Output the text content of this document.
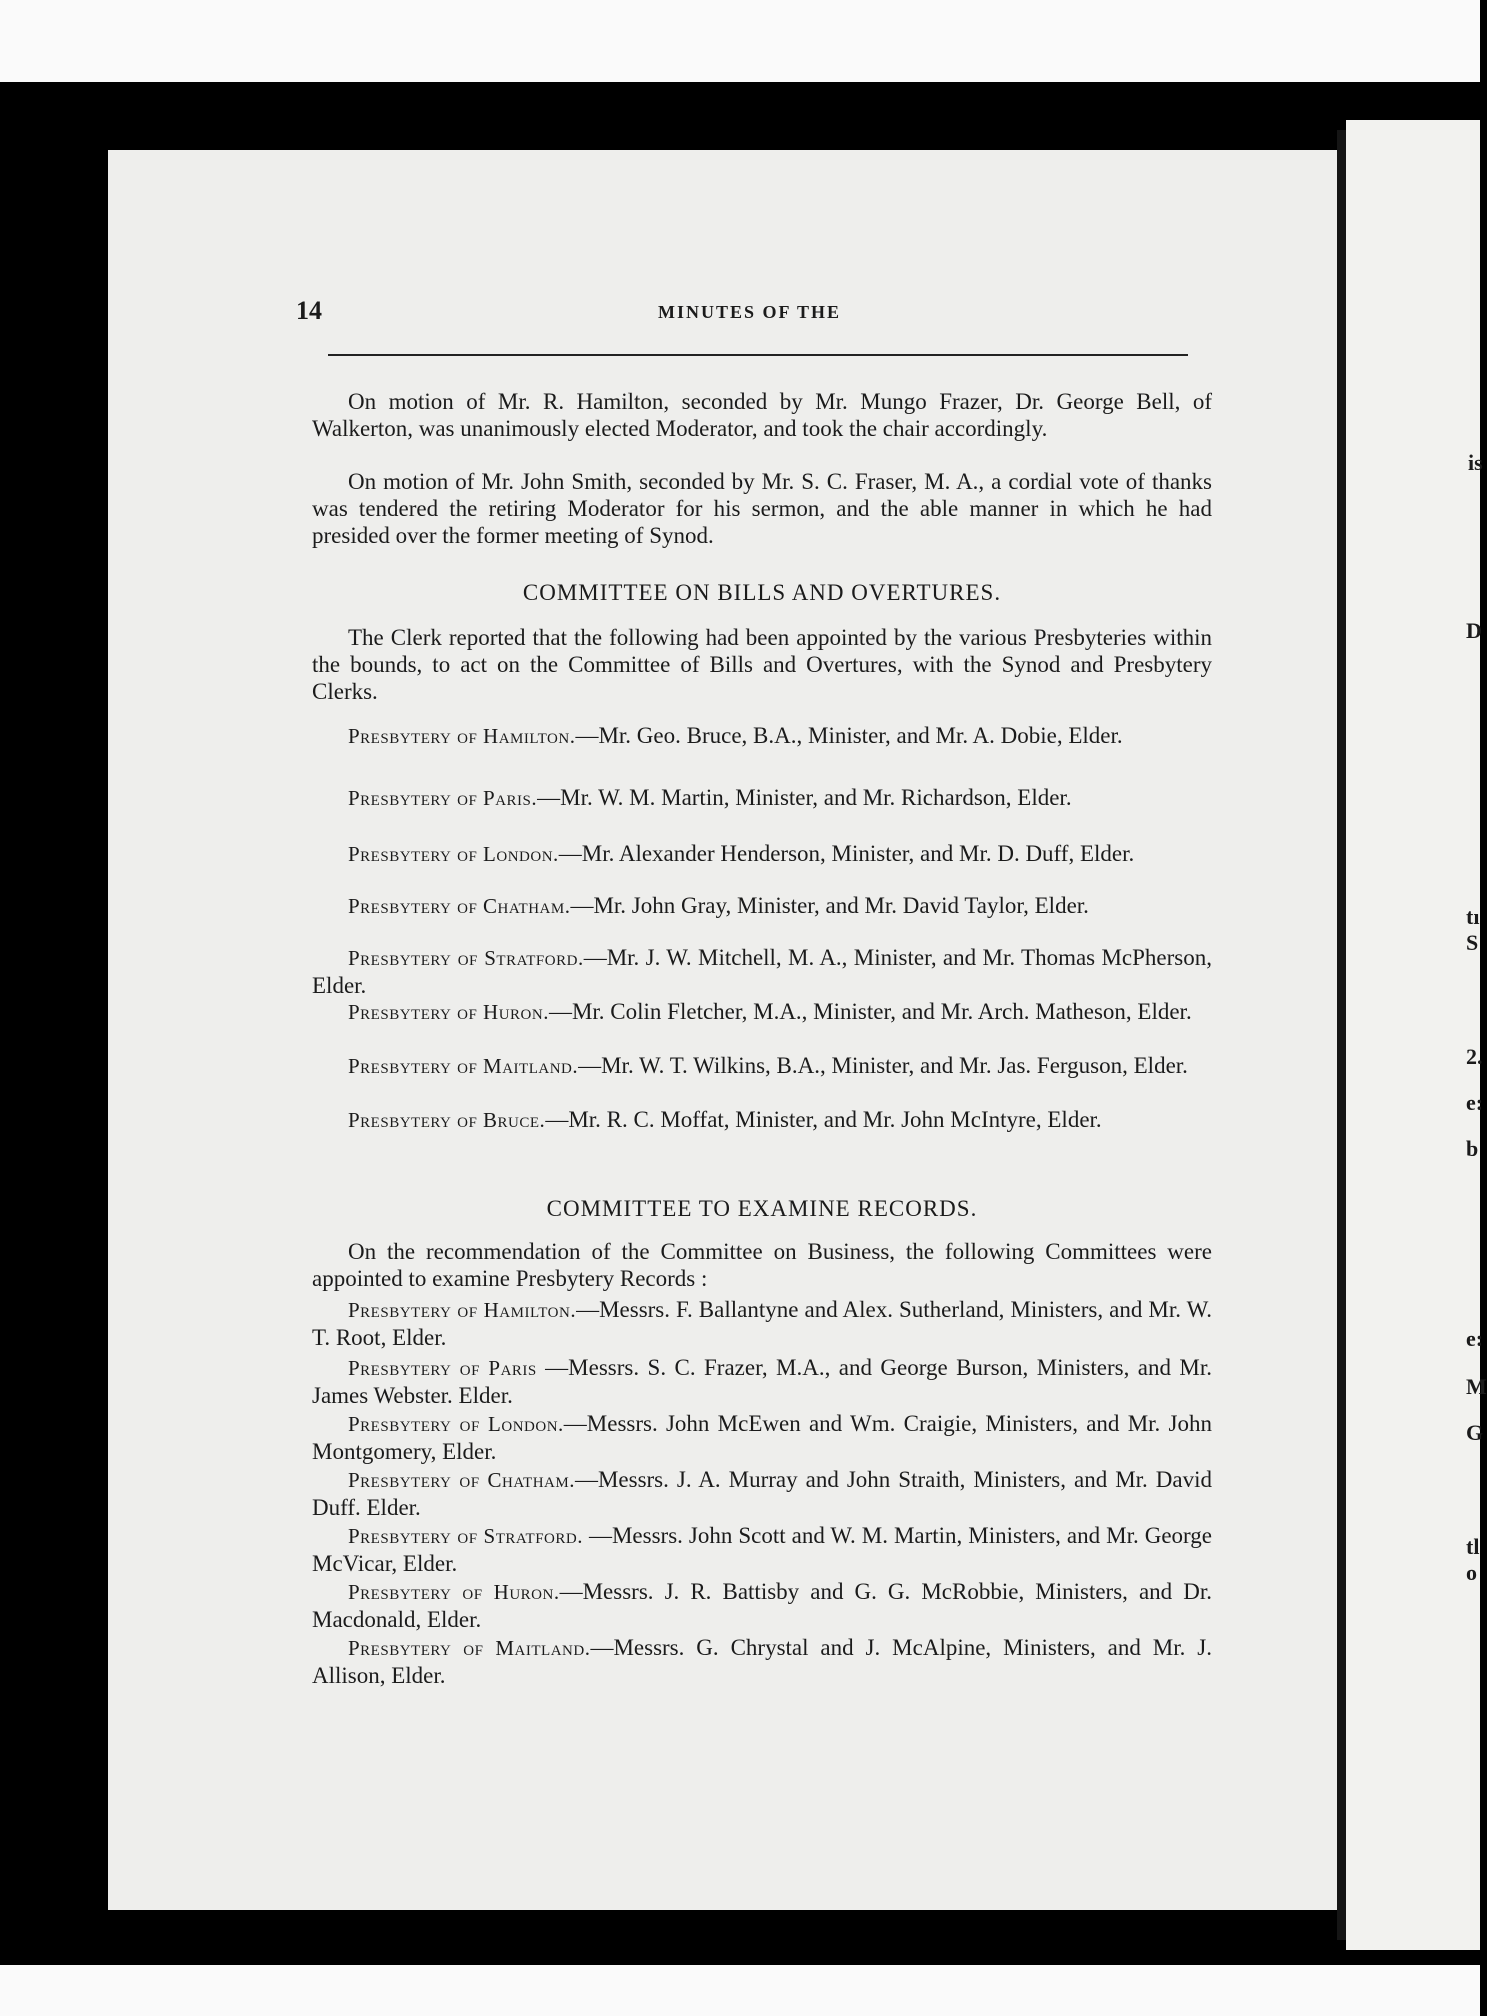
is
D
tı
S
2.
e:
b
e:
M
G
tl
o
14	MINUTES OF THE

On motion of Mr. R. Hamilton, seconded by Mr. Mungo Frazer, Dr. George Bell, of Walkerton, was unanimously elected Moderator, and took the chair accordingly.

On motion of Mr. John Smith, seconded by Mr. S. C. Fraser, M. A., a cordial vote of thanks was tendered the retiring Moderator for his sermon, and the able manner in which he had presided over the former meeting of Synod.

COMMITTEE ON BILLS AND OVERTURES.

The Clerk reported that the following had been appointed by the various Presbyteries within the bounds, to act on the Committee of Bills and Overtures, with the Synod and Presbytery Clerks.

Presbytery of Hamilton.—Mr. Geo. Bruce, B.A., Minister, and Mr. A. Dobie, Elder.

Presbytery of Paris.—Mr. W. M. Martin, Minister, and Mr. Richardson, Elder.

Presbytery of London.—Mr. Alexander Henderson, Minister, and Mr. D. Duff, Elder.

Presbytery of Chatham.—Mr. John Gray, Minister, and Mr. David Taylor, Elder.

Presbytery of Stratford.—Mr. J. W. Mitchell, M. A., Minister, and Mr. Thomas McPherson, Elder.

Presbytery of Huron.—Mr. Colin Fletcher, M.A., Minister, and Mr. Arch. Matheson, Elder.

Presbytery of Maitland.—Mr. W. T. Wilkins, B.A., Minister, and Mr. Jas. Ferguson, Elder.

Presbytery of Bruce.—Mr. R. C. Moffat, Minister, and Mr. John McIntyre, Elder.

COMMITTEE TO EXAMINE RECORDS.

On the recommendation of the Committee on Business, the following Committees were appointed to examine Presbytery Records :

Presbytery of Hamilton.—Messrs. F. Ballantyne and Alex. Sutherland, Ministers, and Mr. W. T. Root, Elder.

Presbytery of Paris —Messrs. S. C. Frazer, M.A., and George Burson, Ministers, and Mr. James Webster. Elder.

Presbytery of London.—Messrs. John McEwen and Wm. Craigie, Ministers, and Mr. John Montgomery, Elder.

Presbytery of Chatham.—Messrs. J. A. Murray and John Straith, Ministers, and Mr. David Duff. Elder.

Presbytery of Stratford. —Messrs. John Scott and W. M. Martin, Ministers, and Mr. George McVicar, Elder.

Presbytery of Huron.—Messrs. J. R. Battisby and G. G. McRobbie, Ministers, and Dr. Macdonald, Elder.

Presbytery of Maitland.—Messrs. G. Chrystal and J. McAlpine, Ministers, and Mr. J. Allison, Elder.
